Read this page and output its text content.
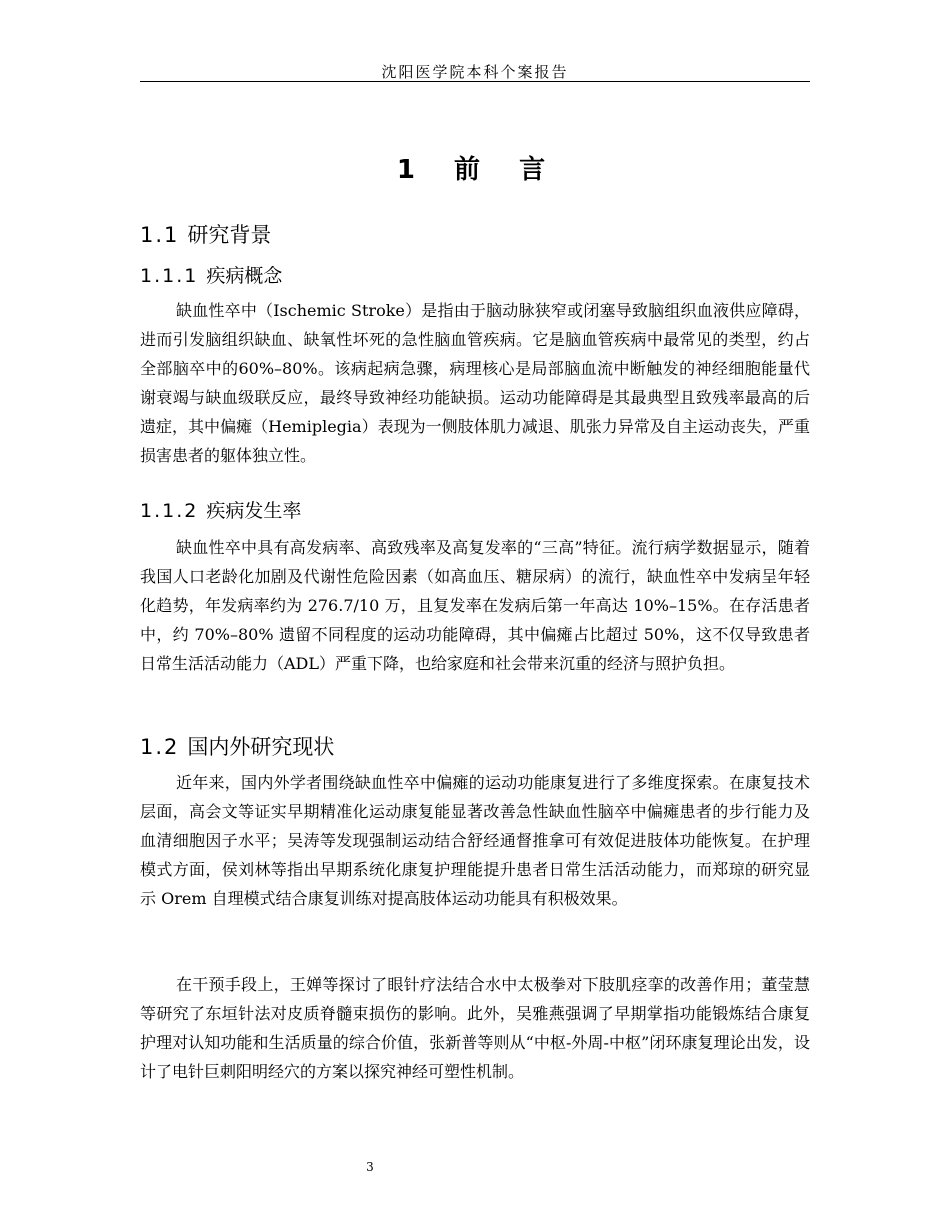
沈阳医学院本科个案报告
1 前 言
1.1 研究背景
1.1.1 疾病概念
缺血性卒中（Ischemic Stroke）是指由于脑动脉狭窄或闭塞导致脑组织血液供应障碍，进而引发脑组织缺血、缺氧性坏死的急性脑血管疾病。它是脑血管疾病中最常见的类型，约占全部脑卒中的60%–80%。该病起病急骤，病理核心是局部脑血流中断触发的神经细胞能量代谢衰竭与缺血级联反应，最终导致神经功能缺损。运动功能障碍是其最典型且致残率最高的后遗症，其中偏瘫（Hemiplegia）表现为一侧肢体肌力减退、肌张力异常及自主运动丧失，严重损害患者的躯体独立性。
1.1.2 疾病发生率
缺血性卒中具有高发病率、高致残率及高复发率的“三高”特征。流行病学数据显示，随着我国人口老龄化加剧及代谢性危险因素（如高血压、糖尿病）的流行，缺血性卒中发病呈年轻化趋势，年发病率约为 276.7/10 万，且复发率在发病后第一年高达 10%–15%。在存活患者中，约 70%–80% 遗留不同程度的运动功能障碍，其中偏瘫占比超过 50%，这不仅导致患者日常生活活动能力（ADL）严重下降，也给家庭和社会带来沉重的经济与照护负担。
1.2 国内外研究现状
近年来，国内外学者围绕缺血性卒中偏瘫的运动功能康复进行了多维度探索。在康复技术层面，高会文等证实早期精准化运动康复能显著改善急性缺血性脑卒中偏瘫患者的步行能力及血清细胞因子水平；吴涛等发现强制运动结合舒经通督推拿可有效促进肢体功能恢复。在护理模式方面，侯刘林等指出早期系统化康复护理能提升患者日常生活活动能力，而郑琼的研究显示 Orem 自理模式结合康复训练对提高肢体运动功能具有积极效果。
在干预手段上，王婵等探讨了眼针疗法结合水中太极拳对下肢肌痉挛的改善作用；董莹慧等研究了东垣针法对皮质脊髓束损伤的影响。此外，吴雅燕强调了早期掌指功能锻炼结合康复护理对认知功能和生活质量的综合价值，张新普等则从“中枢-外周-中枢”闭环康复理论出发，设计了电针巨刺阳明经穴的方案以探究神经可塑性机制。
3
